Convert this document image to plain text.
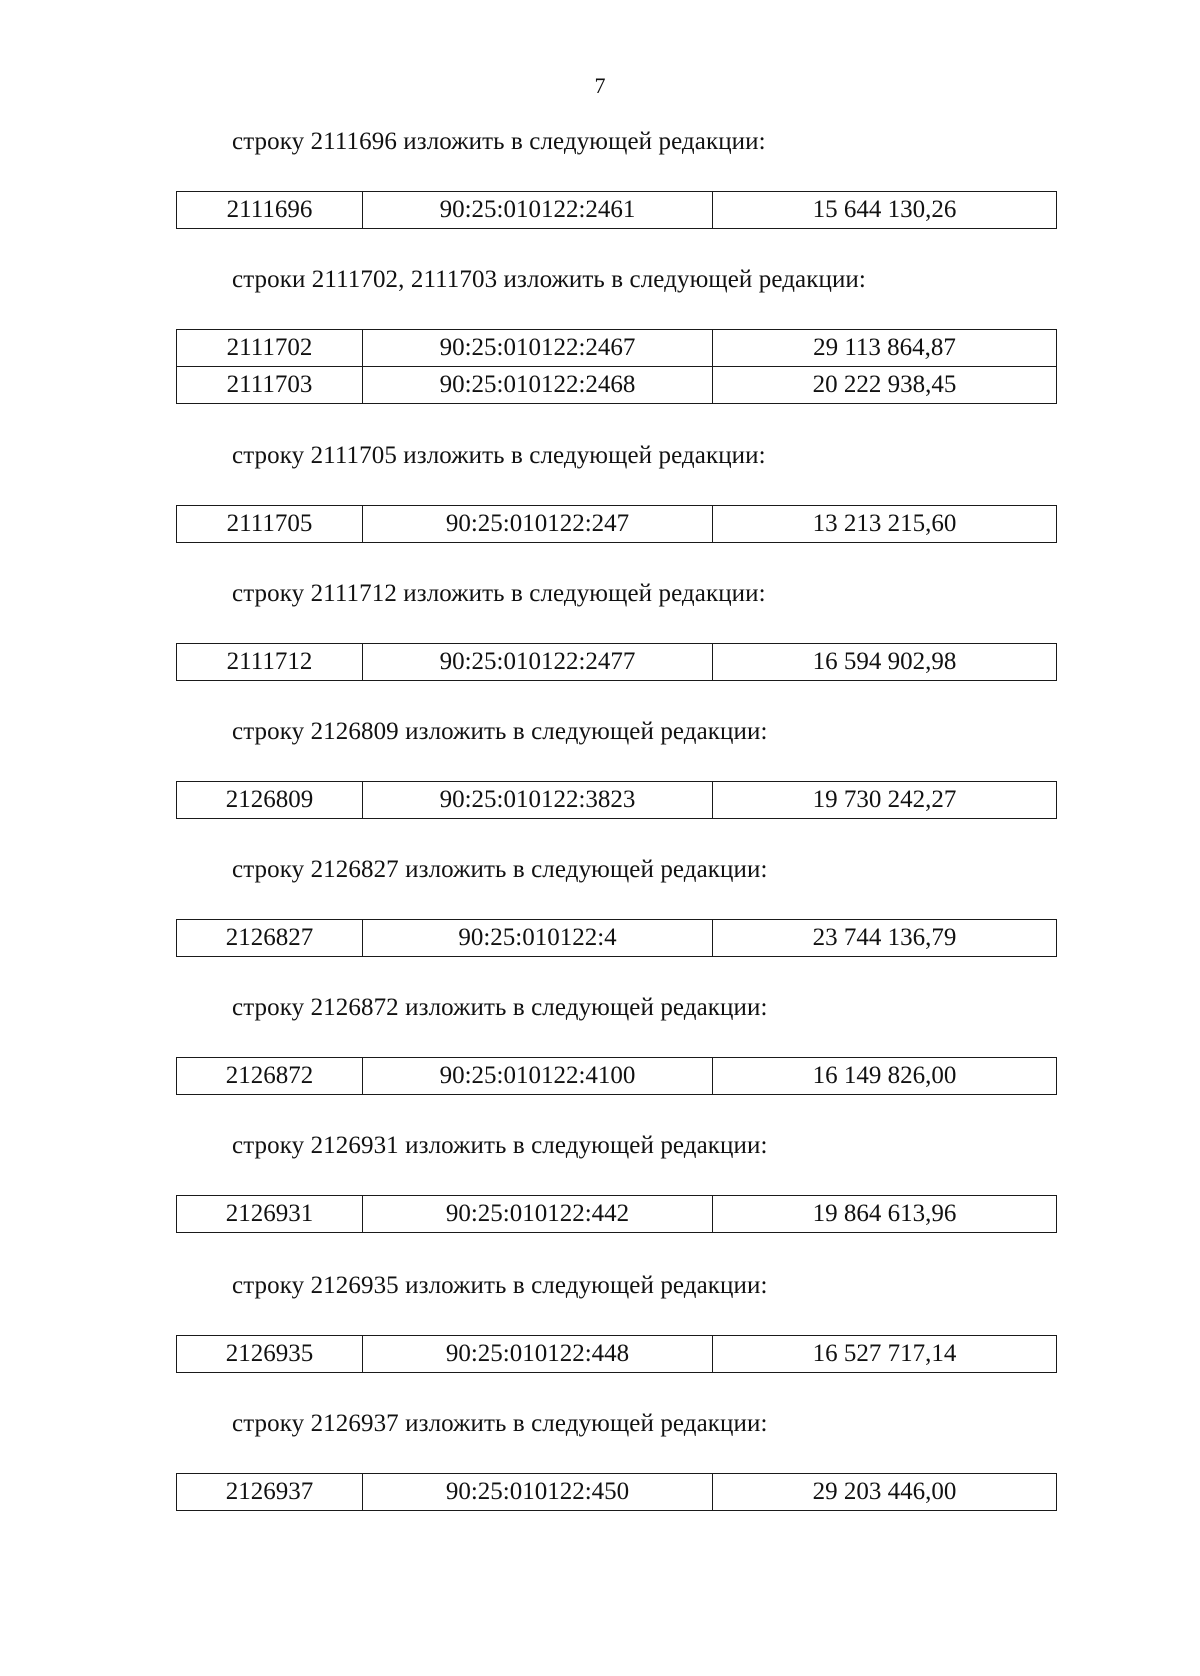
7
строку 2111696 изложить в следующей редакции:
2111696	90:25:010122:2461	15 644 130,26
строки 2111702, 2111703 изложить в следующей редакции:
2111702	90:25:010122:2467	29 113 864,87
2111703	90:25:010122:2468	20 222 938,45
строку 2111705 изложить в следующей редакции:
2111705	90:25:010122:247	13 213 215,60
строку 2111712 изложить в следующей редакции:
2111712	90:25:010122:2477	16 594 902,98
строку 2126809 изложить в следующей редакции:
2126809	90:25:010122:3823	19 730 242,27
строку 2126827 изложить в следующей редакции:
2126827	90:25:010122:4	23 744 136,79
строку 2126872 изложить в следующей редакции:
2126872	90:25:010122:4100	16 149 826,00
строку 2126931 изложить в следующей редакции:
2126931	90:25:010122:442	19 864 613,96
строку 2126935 изложить в следующей редакции:
2126935	90:25:010122:448	16 527 717,14
строку 2126937 изложить в следующей редакции:
2126937	90:25:010122:450	29 203 446,00
